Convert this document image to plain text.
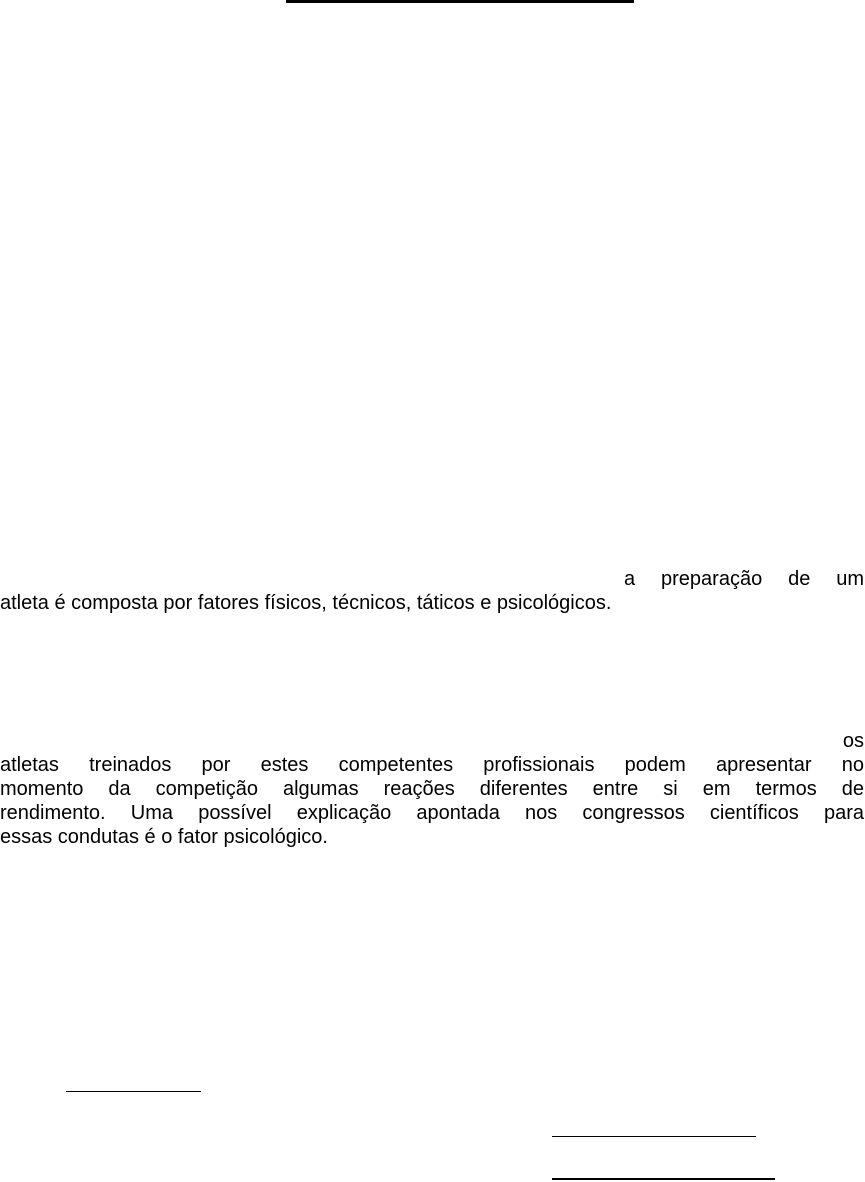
a preparação de um
atleta é composta por fatores físicos, técnicos, táticos e psicológicos.
os
atletas treinados por estes competentes profissionais podem apresentar no
momento da competição algumas reações diferentes entre si em termos de
rendimento. Uma possível explicação apontada nos congressos científicos para
essas condutas é o fator psicológico.
